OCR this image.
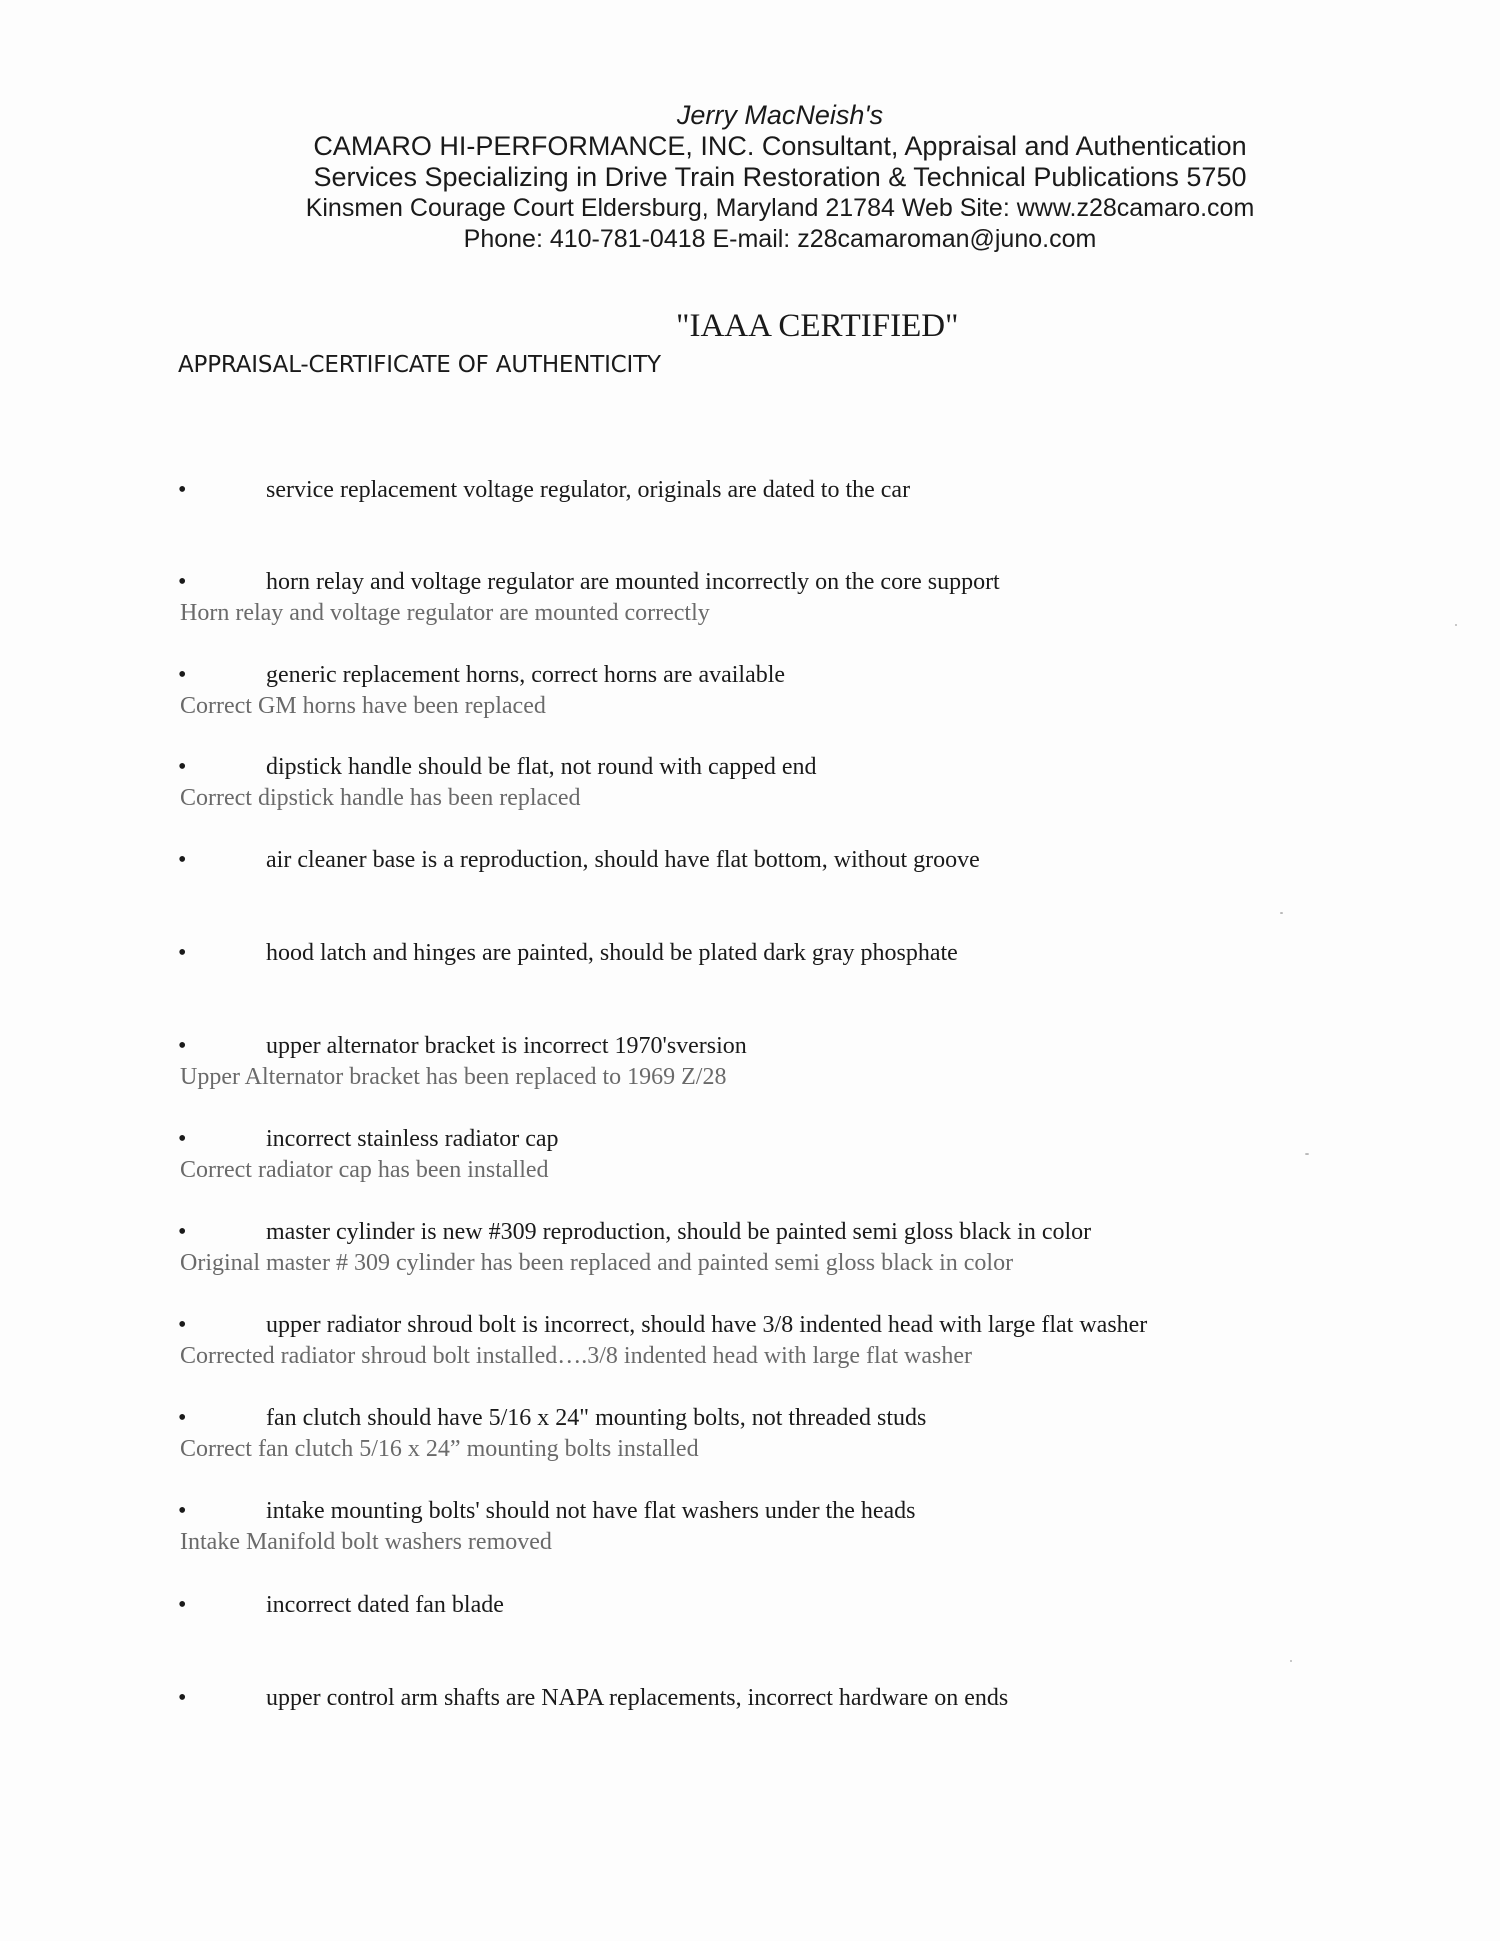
Jerry MacNeish's
CAMARO HI-PERFORMANCE, INC. Consultant, Appraisal and Authentication
Services Specializing in Drive Train Restoration & Technical Publications 5750
Kinsmen Courage Court Eldersburg, Maryland 21784 Web Site: www.z28camaro.com
Phone: 410-781-0418 E-mail: z28camaroman@juno.com
"IAAA CERTIFIED"
APPRAISAL-CERTIFICATE OF AUTHENTICITY
•	service replacement voltage regulator, originals are dated to the car
•	horn relay and voltage regulator are mounted incorrectly on the core support
Horn relay and voltage regulator are mounted correctly
•	generic replacement horns, correct horns are available
Correct GM horns have been replaced
•	dipstick handle should be flat, not round with capped end
Correct dipstick handle has been replaced
•	air cleaner base is a reproduction, should have flat bottom, without groove
•	hood latch and hinges are painted, should be plated dark gray phosphate
•	upper alternator bracket is incorrect 1970'sversion
Upper Alternator bracket has been replaced to 1969 Z/28
•	incorrect stainless radiator cap
Correct radiator cap has been installed
•	master cylinder is new #309 reproduction, should be painted semi gloss black in color
Original master # 309 cylinder has been replaced and painted semi gloss black in color
•	upper radiator shroud bolt is incorrect, should have 3/8 indented head with large flat washer
Corrected radiator shroud bolt installed….3/8 indented head with large flat washer
•	fan clutch should have 5/16 x 24" mounting bolts, not threaded studs
Correct fan clutch 5/16 x 24” mounting bolts installed
•	intake mounting bolts' should not have flat washers under the heads
Intake Manifold bolt washers removed
•	incorrect dated fan blade
•	upper control arm shafts are NAPA replacements, incorrect hardware on ends
